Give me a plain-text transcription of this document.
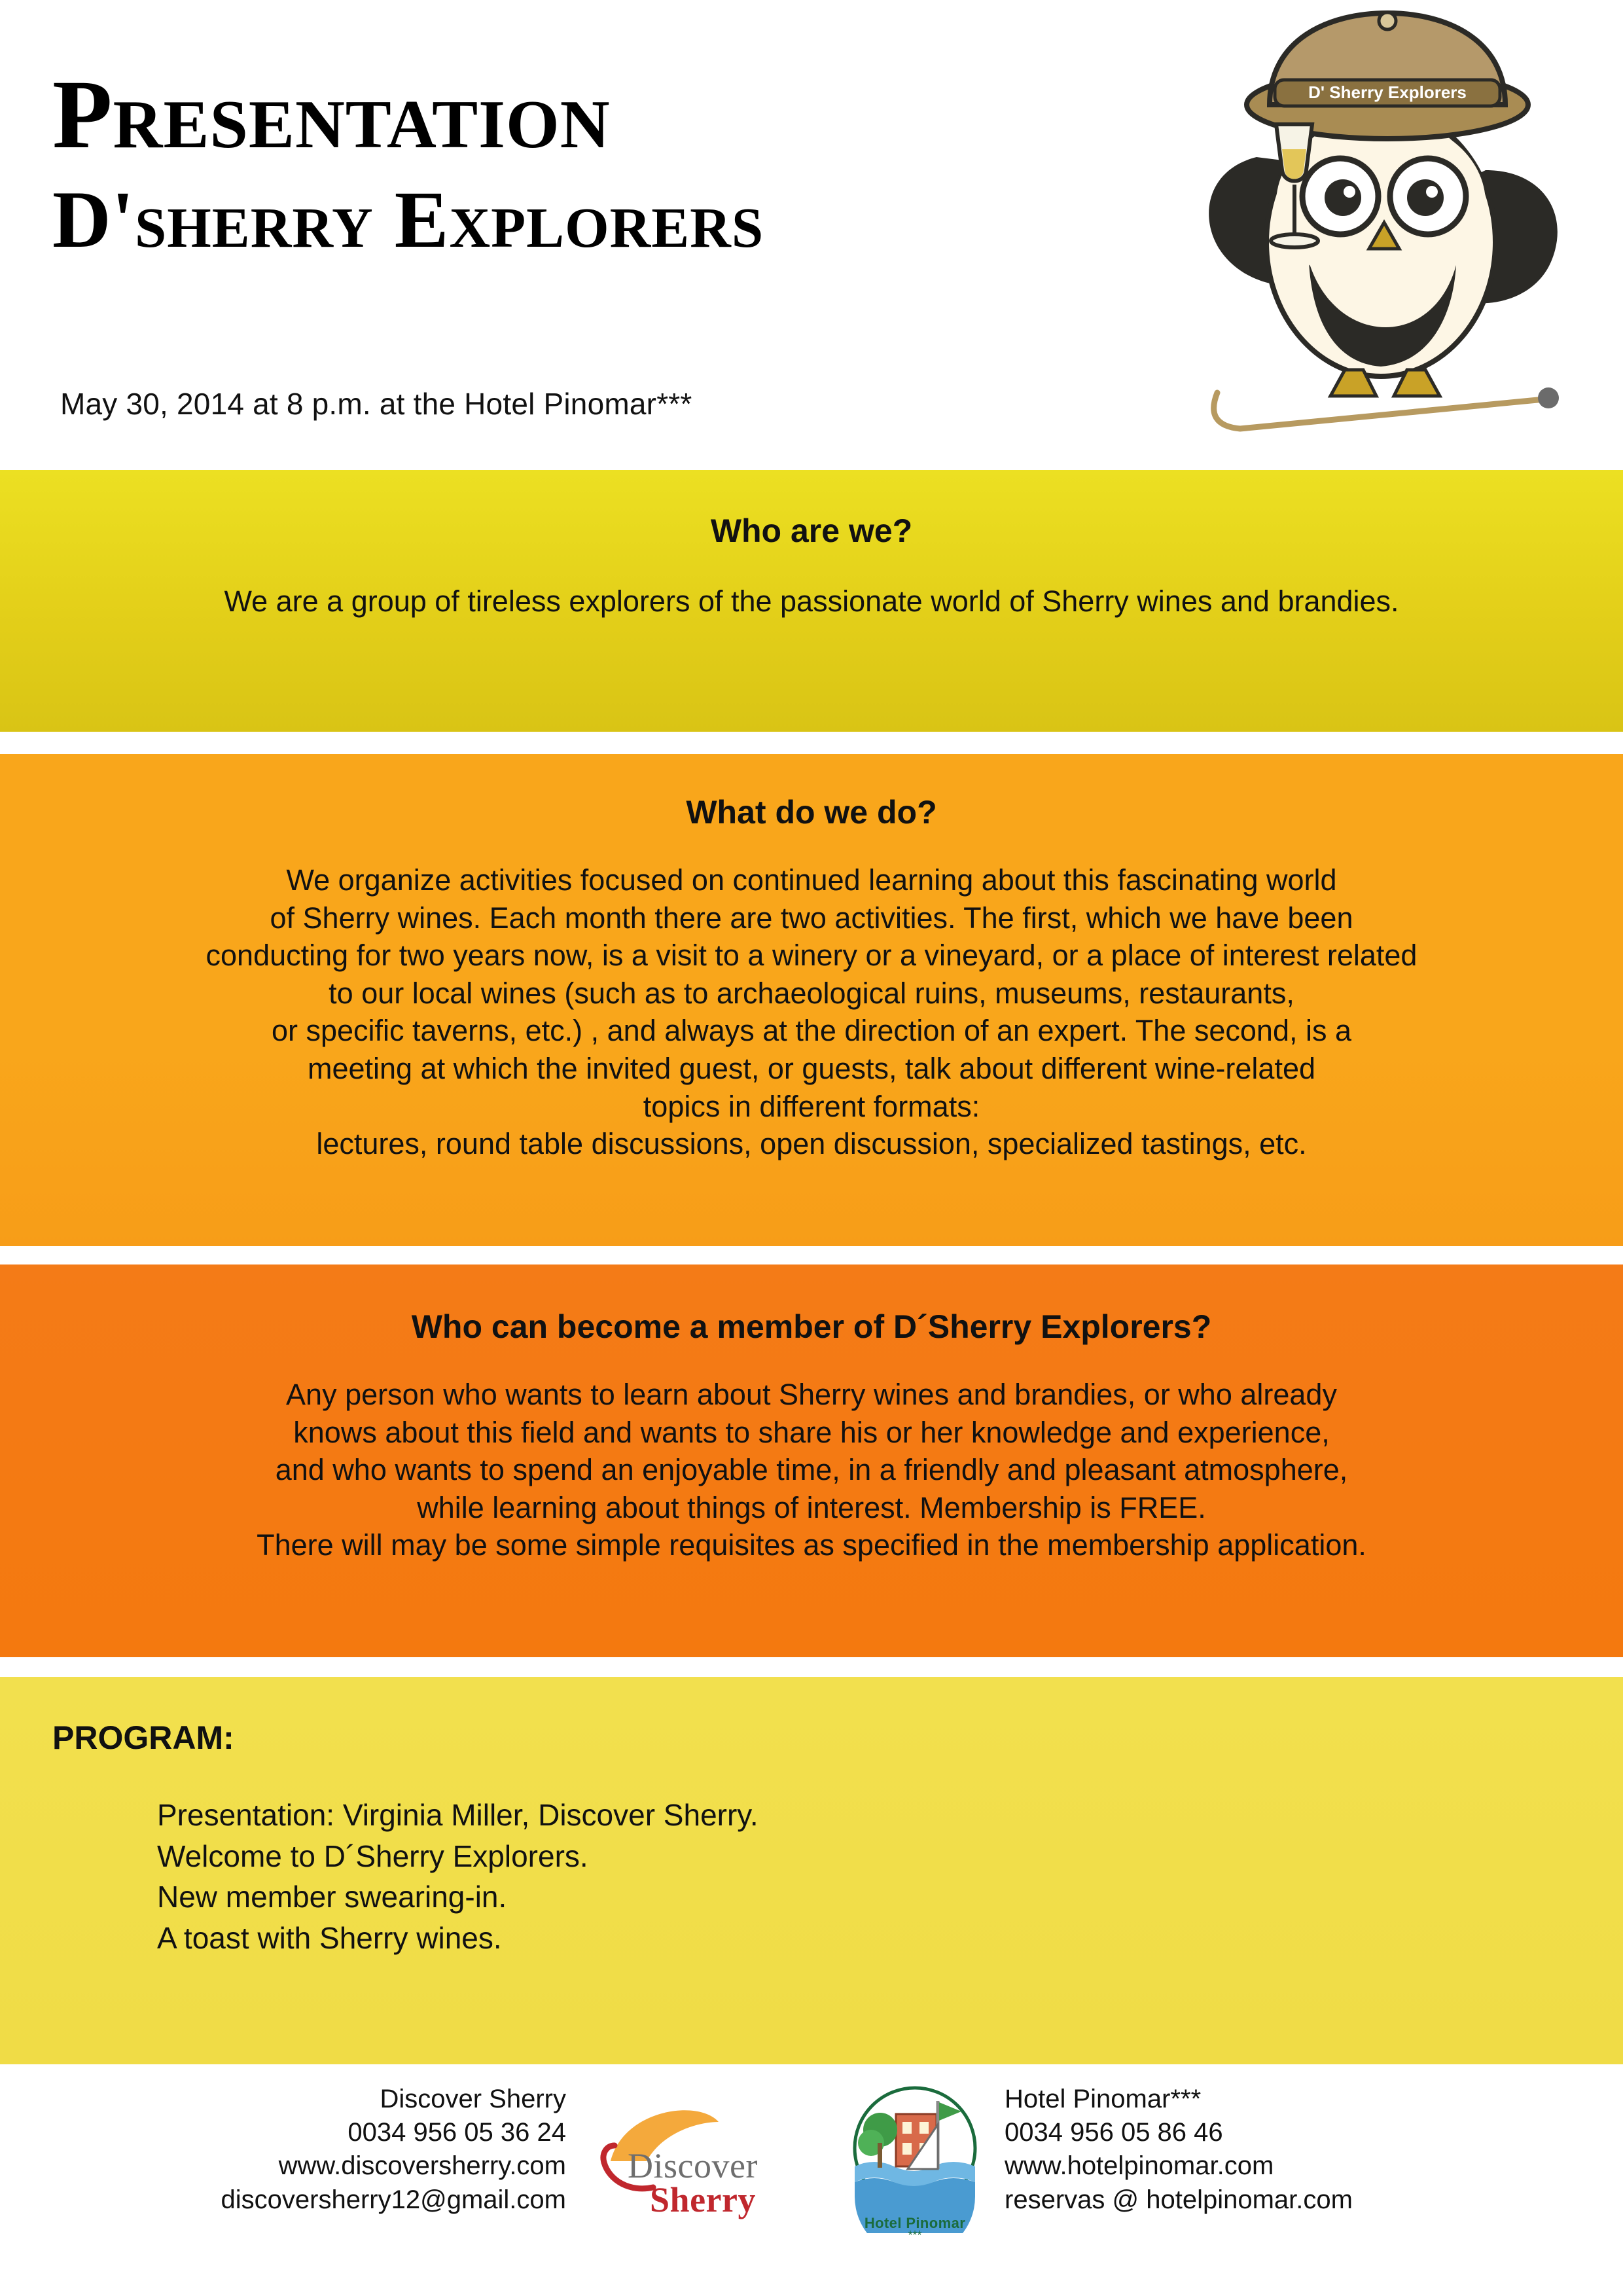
PRESENTATION
D'SHERRY EXPLORERS
May 30, 2014 at 8 p.m. at the Hotel Pinomar***
D' Sherry Explorers
Who are we?
We are a group of tireless explorers of the passionate world of Sherry wines and brandies.
What do we do?
We organize activities focused on continued learning about this fascinating world
of Sherry wines. Each month there are two activities. The first, which we have been
conducting for two years now, is a visit to a winery or a vineyard, or a place of interest related
to our local wines (such as to archaeological ruins, museums, restaurants,
or specific taverns, etc.) , and always at the direction of an expert. The second, is a
meeting at which the invited guest, or guests, talk about different wine-related
topics in different formats:
lectures, round table discussions, open discussion, specialized tastings, etc.
Who can become a member of D´Sherry Explorers?
Any person who wants to learn about Sherry wines and brandies, or who already
knows about this field and wants to share his or her knowledge and experience,
and who wants to spend an enjoyable time, in a friendly and pleasant atmosphere,
while learning about things of interest. Membership is FREE.
There will may be some simple requisites as specified in the membership application.
PROGRAM:
Presentation: Virginia Miller, Discover Sherry.
Welcome to D´Sherry Explorers.
New member swearing-in.
A toast with Sherry wines.
Discover Sherry
0034 956 05 36 24
www.discoversherry.com
discoversherry12@gmail.com
Discover
Sherry
Hotel Pinomar
***
Hotel Pinomar***
0034 956 05 86 46
www.hotelpinomar.com
reservas @ hotelpinomar.com
